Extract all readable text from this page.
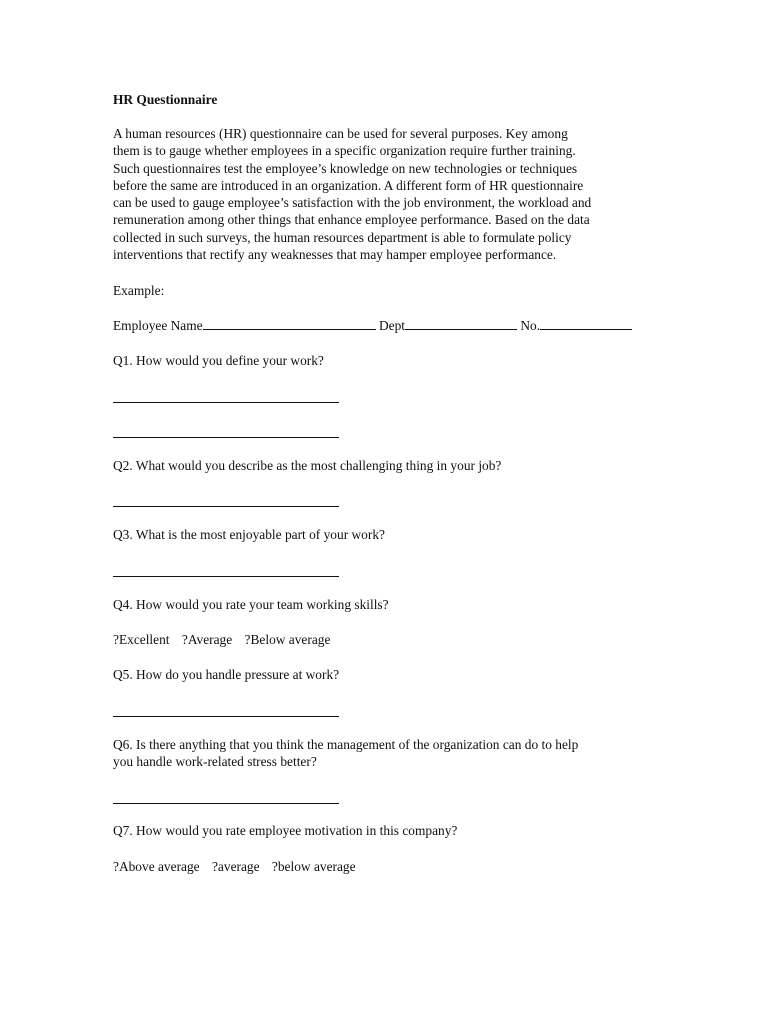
HR Questionnaire
A human resources (HR) questionnaire can be used for several purposes. Key among
them is to gauge whether employees in a specific organization require further training.
Such questionnaires test the employee’s knowledge on new technologies or techniques
before the same are introduced in an organization. A different form of HR questionnaire
can be used to gauge employee’s satisfaction with the job environment, the workload and
remuneration among other things that enhance employee performance. Based on the data
collected in such surveys, the human resources department is able to formulate policy
interventions that rectify any weaknesses that may hamper employee performance.
Example:
Employee Name	Dept	No.
Q1. How would you define your work?
Q2. What would you describe as the most challenging thing in your job?
Q3. What is the most enjoyable part of your work?
Q4. How would you rate your team working skills?
?Excellent ?Average ?Below average
Q5. How do you handle pressure at work?
Q6. Is there anything that you think the management of the organization can do to help
you handle work-related stress better?
Q7. How would you rate employee motivation in this company?
?Above average ?average ?below average
